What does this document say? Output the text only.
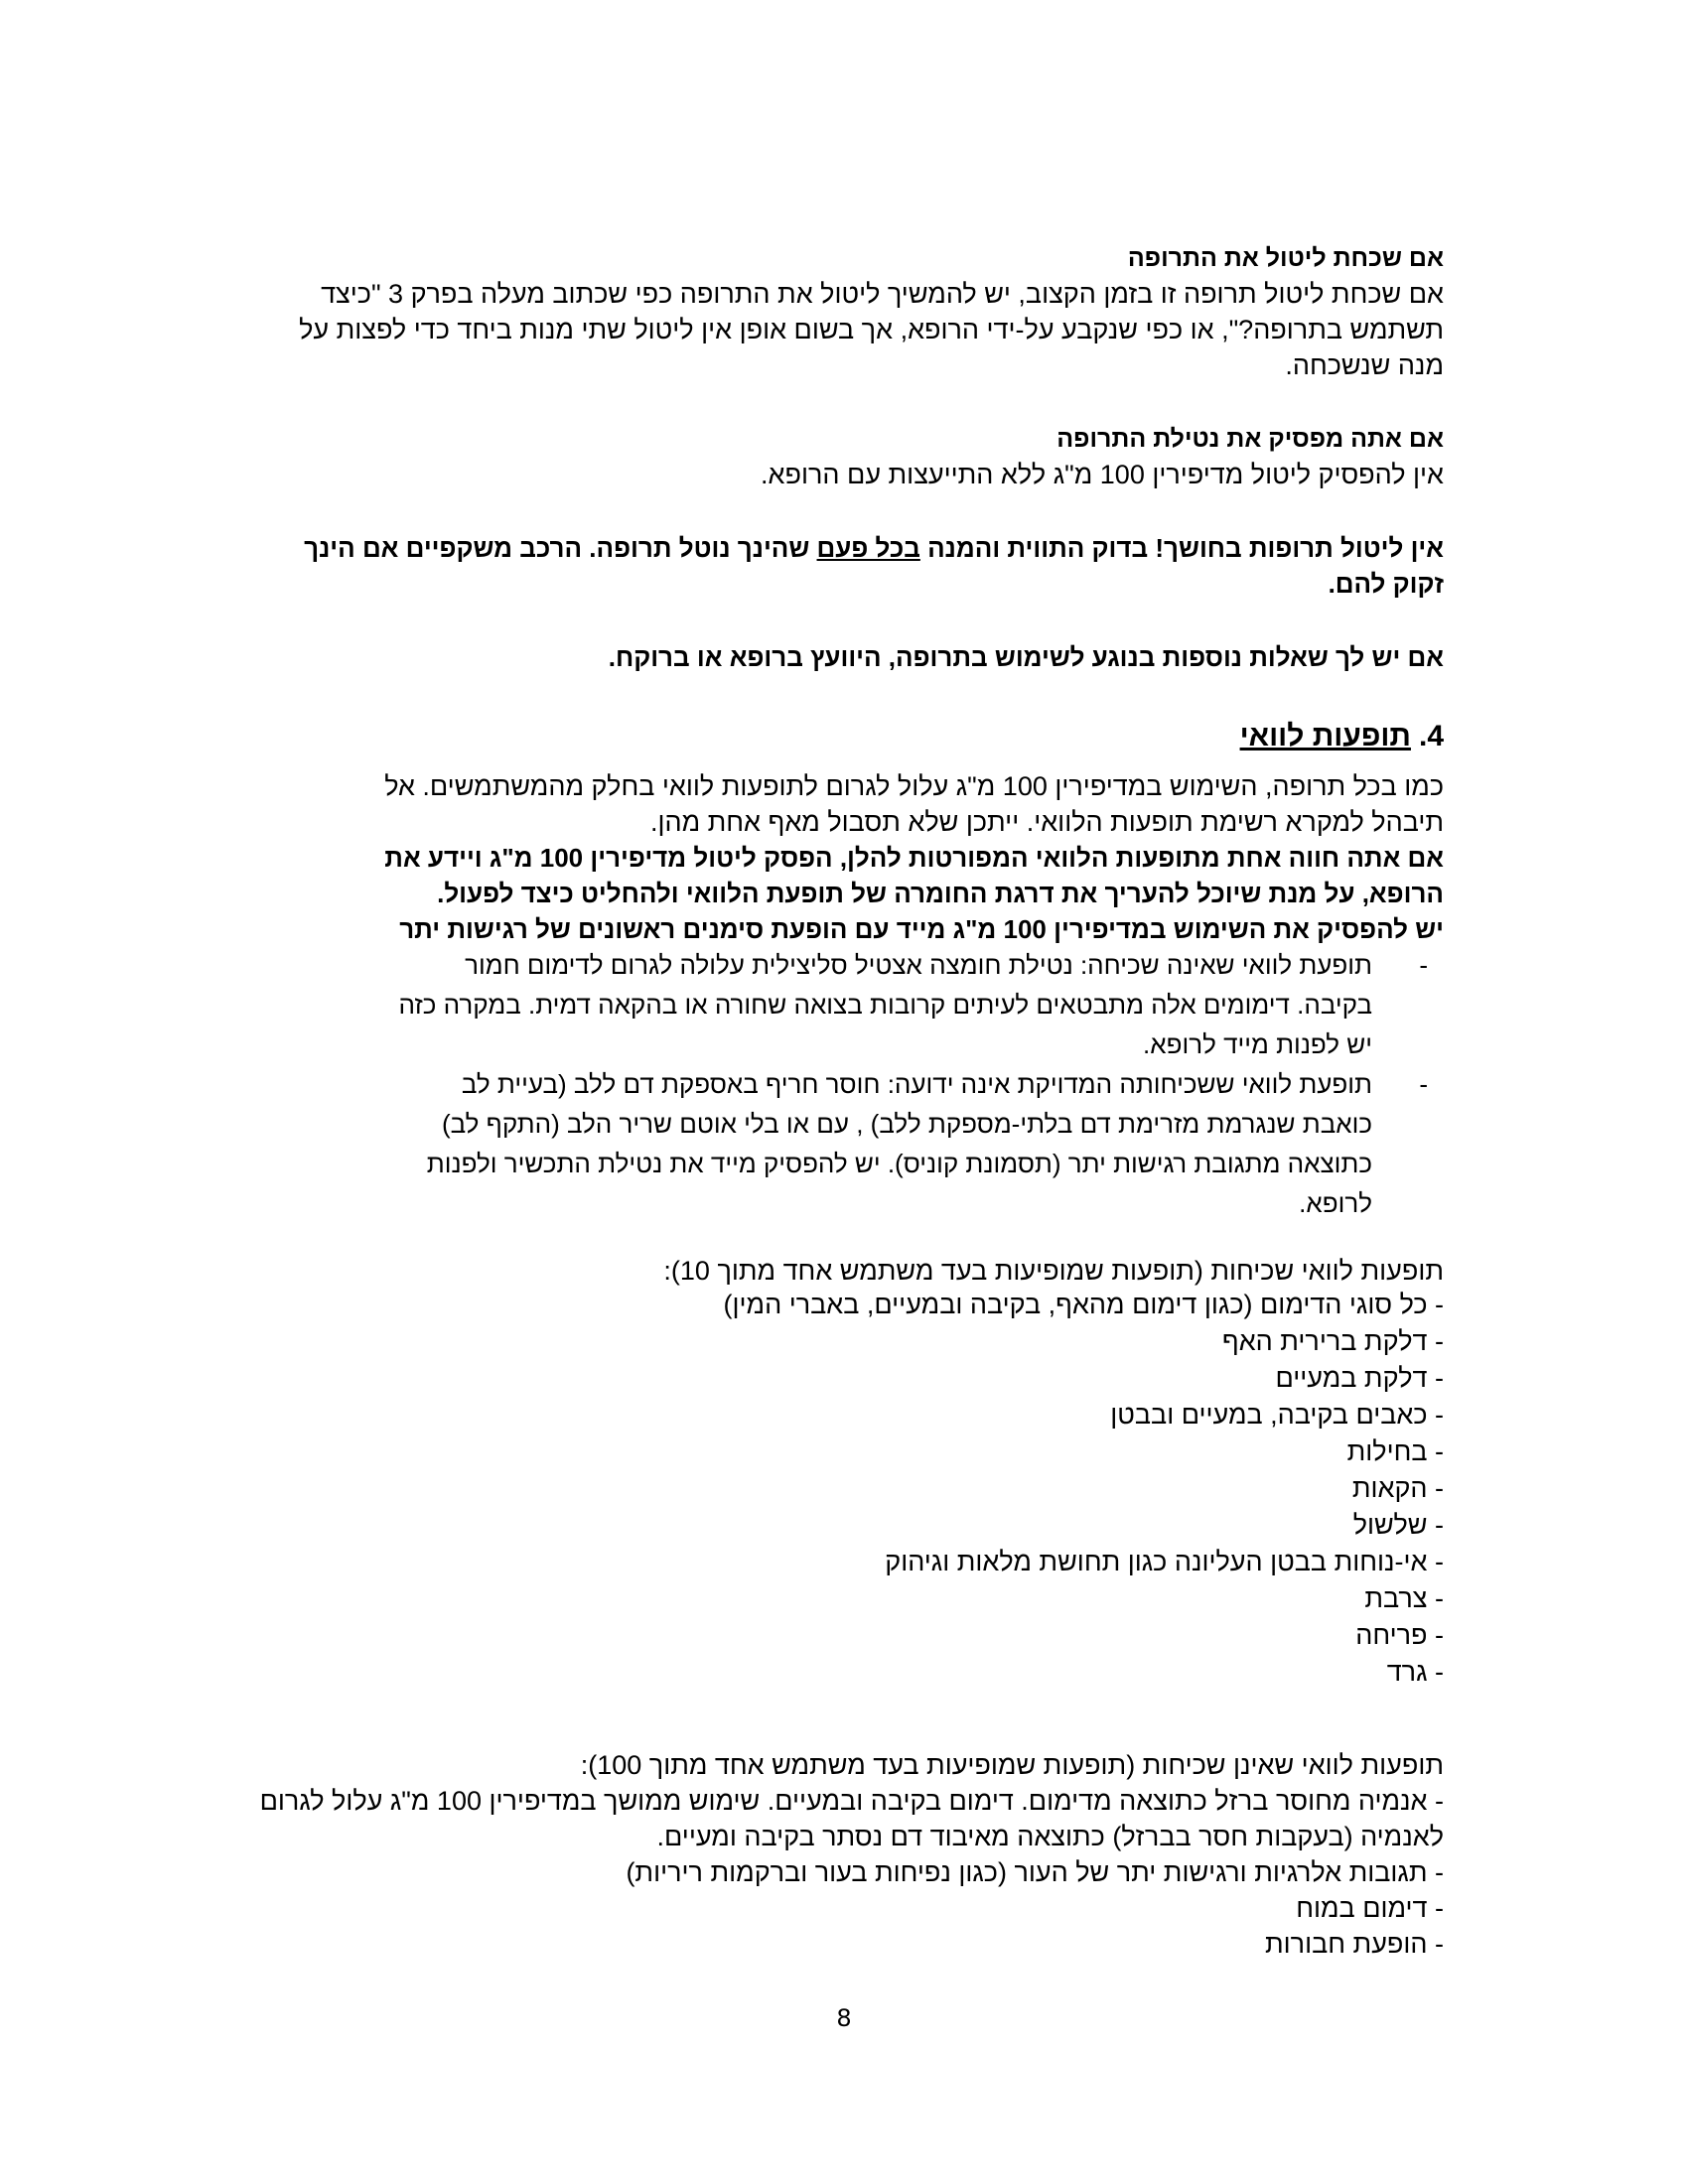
אם שכחת ליטול את התרופה

אם שכחת ליטול תרופה זו בזמן הקצוב, יש להמשיך ליטול את התרופה כפי שכתוב מעלה בפרק 3 "כיצד

תשתמש בתרופה?", או כפי שנקבע על-ידי הרופא, אך בשום אופן אין ליטול שתי מנות ביחד כדי לפצות על

מנה שנשכחה.

אם אתה מפסיק את נטילת התרופה

אין להפסיק ליטול מדיפירין 100 מ"ג ללא התייעצות עם הרופא.

אין ליטול תרופות בחושך! בדוק התווית והמנה בכל פעם שהינך נוטל תרופה. הרכב משקפיים אם הינך

זקוק להם.

אם יש לך שאלות נוספות בנוגע לשימוש בתרופה, היוועץ ברופא או ברוקח.

4.תופעות לוואי

כמו בכל תרופה, השימוש במדיפירין 100 מ"ג עלול לגרום לתופעות לוואי בחלק מהמשתמשים. אל

תיבהל למקרא רשימת תופעות הלוואי. ייתכן שלא תסבול מאף אחת מהן.

אם אתה חווה אחת מתופעות הלוואי המפורטות להלן, הפסק ליטול מדיפירין 100 מ"ג ויידע את

הרופא, על מנת שיוכל להעריך את דרגת החומרה של תופעת הלוואי ולהחליט כיצד לפעול.

יש להפסיק את השימוש במדיפירין 100 מ"ג מייד עם הופעת סימנים ראשונים של רגישות יתר

-

תופעת לוואי שאינה שכיחה: נטילת חומצה אצטיל סליצילית עלולה לגרום לדימום חמור

בקיבה. דימומים אלה מתבטאים לעיתים קרובות בצואה שחורה או בהקאה דמית. במקרה כזה

יש לפנות מייד לרופא.

-

תופעת לוואי ששכיחותה המדויקת אינה ידועה: חוסר חריף באספקת דם ללב (בעיית לב

כואבת שנגרמת מזרימת דם בלתי-מספקת ללב) , עם או בלי אוטם שריר הלב (התקף לב)

כתוצאה מתגובת רגישות יתר (תסמונת קוניס). יש להפסיק מייד את נטילת התכשיר ולפנות

לרופא.

תופעות לוואי שכיחות (תופעות שמופיעות בעד משתמש אחד מתוך 10):

- כל סוגי הדימום (כגון דימום מהאף, בקיבה ובמעיים, באברי המין)
- דלקת ברירית האף
- דלקת במעיים
- כאבים בקיבה, במעיים ובבטן
- בחילות
- הקאות
- שלשול
- אי-נוחות בבטן העליונה כגון תחושת מלאות וגיהוק
- צרבת
- פריחה
- גרד

תופעות לוואי שאינן שכיחות (תופעות שמופיעות בעד משתמש אחד מתוך 100):

- אנמיה מחוסר ברזל כתוצאה מדימום. דימום בקיבה ובמעיים. שימוש ממושך במדיפירין 100 מ"ג עלול לגרום

לאנמיה (בעקבות חסר בברזל) כתוצאה מאיבוד דם נסתר בקיבה ומעיים.

- תגובות אלרגיות ורגישות יתר של העור (כגון נפיחות בעור וברקמות ריריות)

- דימום במוח

- הופעת חבורות

8
